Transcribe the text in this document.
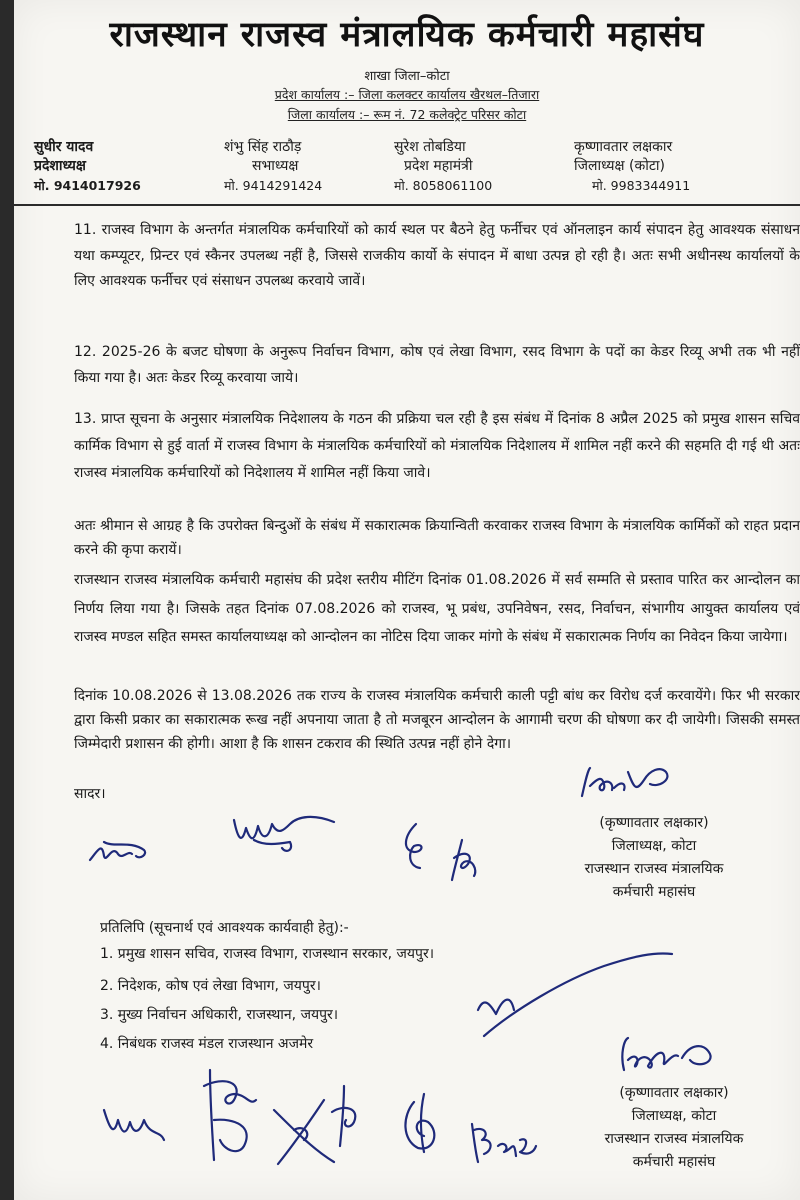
राजस्थान राजस्व मंत्रालयिक कर्मचारी महासंघ
शाखा जिला–कोटा
प्रदेश कार्यालय :– जिला कलक्टर कार्यालय खैरथल–तिजारा
जिला कार्यालय :– रूम नं. 72 कलेक्ट्रेट परिसर कोटा
सुधीर यादव
प्रदेशाध्यक्ष
मो. 9414017926
शंभु सिंह राठौड़
सभाध्यक्ष
मो. 9414291424
सुरेश तोबडिया
प्रदेश महामंत्री
मो. 8058061100
कृष्णावतार लक्षकार
जिलाध्यक्ष (कोटा)
मो. 9983344911
11. राजस्व विभाग के अन्तर्गत मंत्रालयिक कर्मचारियों को कार्य स्थल पर बैठने हेतु फर्नीचर एवं ऑनलाइन कार्य संपादन हेतु आवश्यक संसाधन यथा कम्प्यूटर, प्रिन्टर एवं स्कैनर उपलब्ध नहीं है, जिससे राजकीय कार्यो के संपादन में बाधा उत्पन्न हो रही है। अतः सभी अधीनस्थ कार्यालयों के लिए आवश्यक फर्नीचर एवं संसाधन उपलब्ध करवाये जावें।
12. 2025-26 के बजट घोषणा के अनुरूप निर्वाचन विभाग, कोष एवं लेखा विभाग, रसद विभाग के पदों का केडर रिव्यू अभी तक भी नहीं किया गया है। अतः केडर रिव्यू करवाया जाये।
13. प्राप्त सूचना के अनुसार मंत्रालयिक निदेशालय के गठन की प्रक्रिया चल रही है इस संबंध में दिनांक 8 अप्रैल 2025 को प्रमुख शासन सचिव कार्मिक विभाग से हुई वार्ता में राजस्व विभाग के मंत्रालयिक कर्मचारियों को मंत्रालयिक निदेशालय में शामिल नहीं करने की सहमति दी गई थी अतः राजस्व मंत्रालयिक कर्मचारियों को निदेशालय में शामिल नहीं किया जावे।
अतः श्रीमान से आग्रह है कि उपरोक्त बिन्दुओं के संबंध में सकारात्मक क्रियान्विती करवाकर राजस्व विभाग के मंत्रालयिक कार्मिकों को राहत प्रदान करने की कृपा करायें।
राजस्थान राजस्व मंत्रालयिक कर्मचारी महासंघ की प्रदेश स्तरीय मीटिंग दिनांक 01.08.2026 में सर्व सम्मति से प्रस्ताव पारित कर आन्दोलन का निर्णय लिया गया है। जिसके तहत दिनांक 07.08.2026 को राजस्व, भू प्रबंध, उपनिवेषन, रसद, निर्वाचन, संभागीय आयुक्त कार्यालय एवं राजस्व मण्डल सहित समस्त कार्यालयाध्यक्ष को आन्दोलन का नोटिस दिया जाकर मांगो के संबंध में सकारात्मक निर्णय का निवेदन किया जायेगा।
दिनांक 10.08.2026 से 13.08.2026 तक राज्य के राजस्व मंत्रालयिक कर्मचारी काली पट्टी बांध कर विरोध दर्ज करवायेंगे। फिर भी सरकार द्वारा किसी प्रकार का सकारात्मक रूख नहीं अपनाया जाता है तो मजबूरन आन्दोलन के आगामी चरण की घोषणा कर दी जायेगी। जिसकी समस्त जिम्मेदारी प्रशासन की होगी। आशा है कि शासन टकराव की स्थिति उत्पन्न नहीं होने देगा।
सादर।
(कृष्णावतार लक्षकार)
जिलाध्यक्ष, कोटा
राजस्थान राजस्व मंत्रालयिक
कर्मचारी महासंघ
प्रतिलिपि (सूचनार्थ एवं आवश्यक कार्यवाही हेतु):-
1. प्रमुख शासन सचिव, राजस्व विभाग, राजस्थान सरकार, जयपुर।
2. निदेशक, कोष एवं लेखा विभाग, जयपुर।
3. मुख्य निर्वाचन अधिकारी, राजस्थान, जयपुर।
4. निबंधक राजस्व मंडल राजस्थान अजमेर
(कृष्णावतार लक्षकार)
जिलाध्यक्ष, कोटा
राजस्थान राजस्व मंत्रालयिक
कर्मचारी महासंघ
